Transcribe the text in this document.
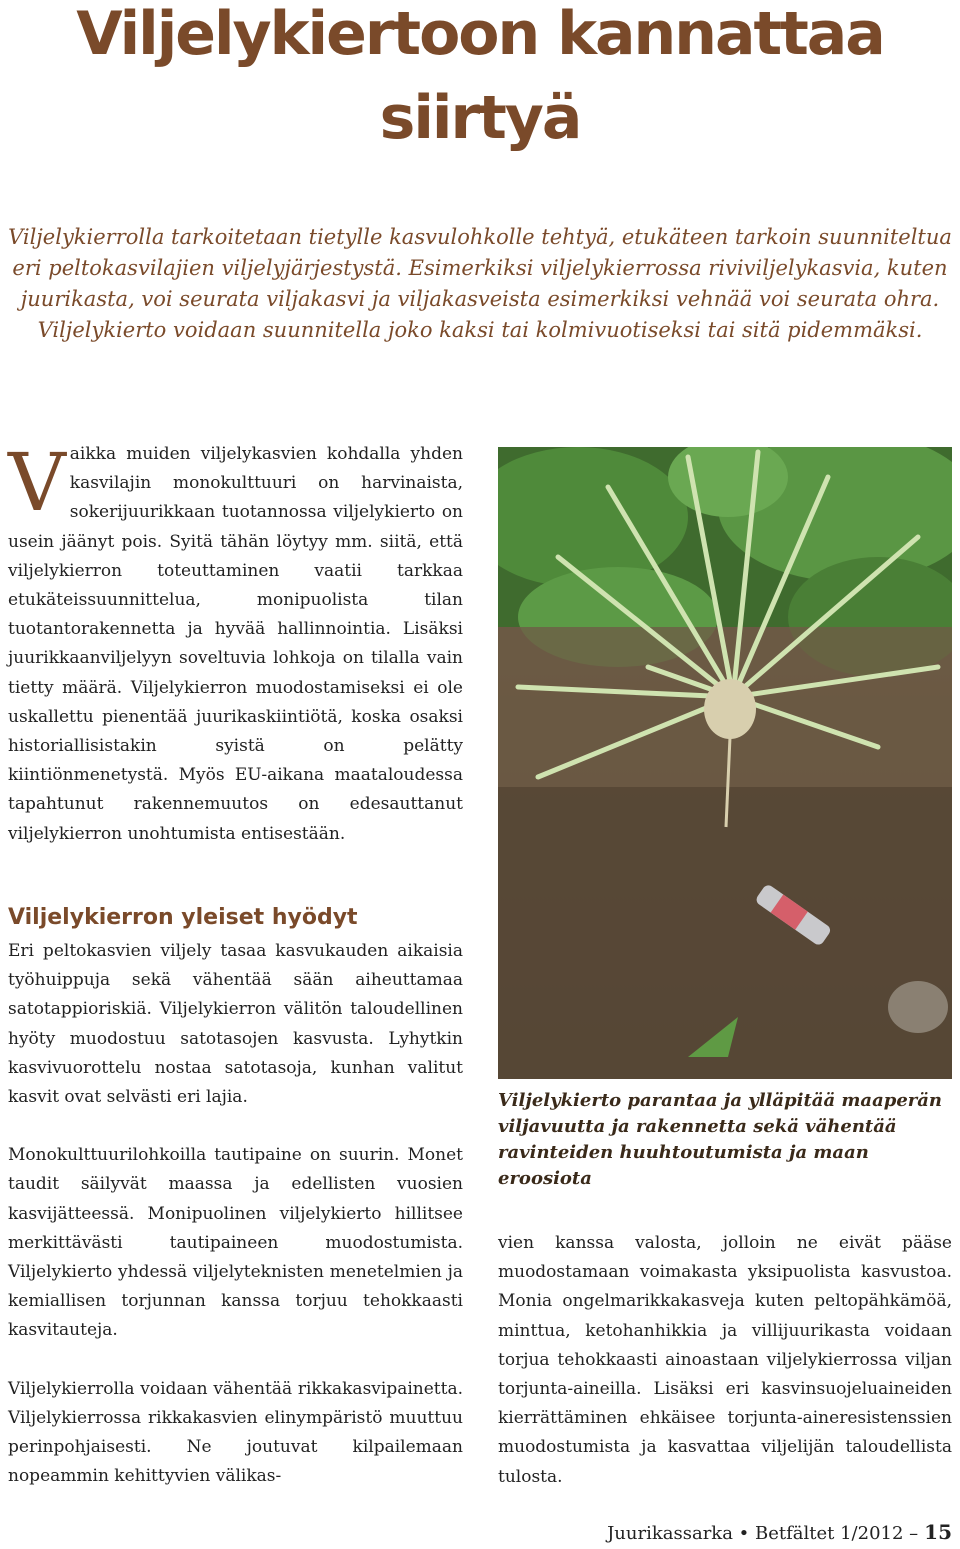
Viljelykiertoon kannattaa
siirtyä

Viljelykierrolla tarkoitetaan tietylle kasvulohkolle tehtyä, etukäteen tarkoin suunniteltua eri peltokasvilajien viljelyjärjestystä. Esimerkiksi viljelykierrossa riviviljelykasvia, kuten juurikasta, voi seurata viljakasvi ja viljakasveista esimerkiksi vehnää voi seurata ohra. Viljelykierto voidaan suunnitella joko kaksi tai kolmivuotiseksi tai sitä pidemmäksi.

Vaikka muiden viljelykasvien kohdalla yhden kasvilajin monokulttuuri on harvinaista, sokerijuurikkaan tuotannossa viljelykierto on usein jäänyt pois. Syitä tähän löytyy mm. siitä, että viljelykierron toteuttaminen vaatii tarkkaa etukäteissuunnittelua, monipuolista tilan tuotantorakennetta ja hyvää hallinnointia. Lisäksi juurikkaanviljelyyn soveltuvia lohkoja on tilalla vain tietty määrä. Viljelykierron muodostamiseksi ei ole uskallettu pienentää juurikaskiintiötä, koska osaksi historiallisistakin syistä on pelätty kiintiönmenetystä. Myös EU-aikana maataloudessa tapahtunut rakennemuutos on edesauttanut viljelykierron unohtumista entisestään.

Viljelykierron yleiset hyödyt

Eri peltokasvien viljely tasaa kasvukauden aikaisia työhuippuja sekä vähentää sään aiheuttamaa satotappioriskiä. Viljelykierron välitön taloudellinen hyöty muodostuu satotasojen kasvusta. Lyhytkin kasvivuorottelu nostaa satotasoja, kunhan valitut kasvit ovat selvästi eri lajia.

Monokulttuurilohkoilla tautipaine on suurin. Monet taudit säilyvät maassa ja edellisten vuosien kasvijätteessä. Monipuolinen viljelykierto hillitsee merkittävästi tautipaineen muodostumista. Viljelykierto yhdessä viljelyteknisten menetelmien ja kemiallisen torjunnan kanssa torjuu tehokkaasti kasvitauteja.

Viljelykierrolla voidaan vähentää rikkakasvipainetta. Viljelykierrossa rikkakasvien elinympäristö muuttuu perinpohjaisesti. Ne joutuvat kilpailemaan nopeammin kehittyvien välikas-

Viljelykierto parantaa ja ylläpitää maaperän viljavuutta ja rakennetta sekä vähentää ravinteiden huuhtoutumista ja maan eroosiota

vien kanssa valosta, jolloin ne eivät pääse muodostamaan voimakasta yksipuolista kasvustoa. Monia ongelmarikkakasveja kuten peltopähkämöä, minttua, ketohanhikkia ja villijuurikasta voidaan torjua tehokkaasti ainoastaan viljelykierrossa viljan torjunta-aineilla. Lisäksi eri kasvinsuojeluaineiden kierrättäminen ehkäisee torjunta-aineresistenssien muodostumista ja kasvattaa viljelijän taloudellista tulosta.

Juurikassarka • Betfältet 1/2012 – 15
